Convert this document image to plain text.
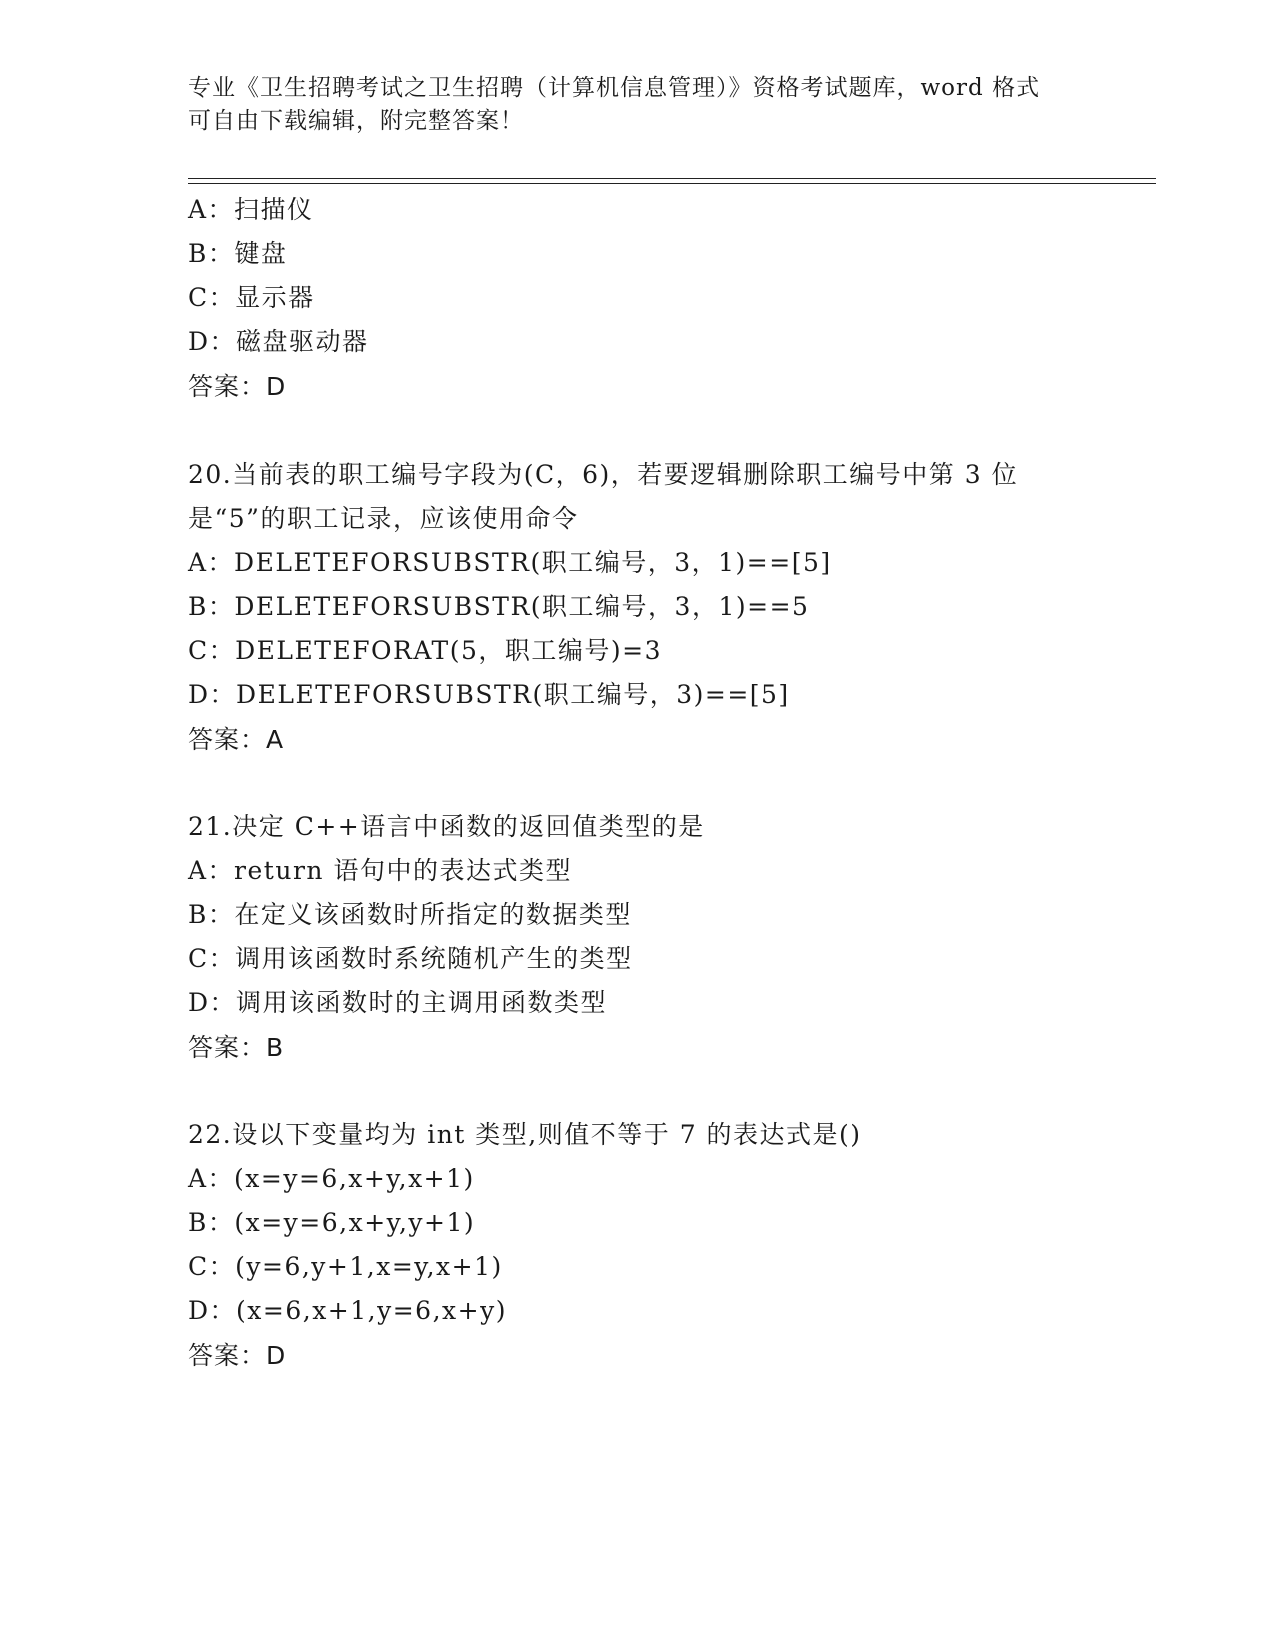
专业《卫生招聘考试之卫生招聘（计算机信息管理）》资格考试题库，word 格式
可自由下载编辑，附完整答案！
A：扫描仪
B：键盘
C：显示器
D：磁盘驱动器
答案：D
20.当前表的职工编号字段为(C，6)，若要逻辑删除职工编号中第 3 位
是“5”的职工记录，应该使用命令
A：DELETEFORSUBSTR(职工编号，3，1)==[5]
B：DELETEFORSUBSTR(职工编号，3，1)==5
C：DELETEFORAT(5，职工编号)=3
D：DELETEFORSUBSTR(职工编号，3)==[5]
答案：A
21.决定 C++语言中函数的返回值类型的是
A：return 语句中的表达式类型
B：在定义该函数时所指定的数据类型
C：调用该函数时系统随机产生的类型
D：调用该函数时的主调用函数类型
答案：B
22.设以下变量均为 int 类型,则值不等于 7 的表达式是()
A：(x=y=6,x+y,x+1)
B：(x=y=6,x+y,y+1)
C：(y=6,y+1,x=y,x+1)
D：(x=6,x+1,y=6,x+y)
答案：D
